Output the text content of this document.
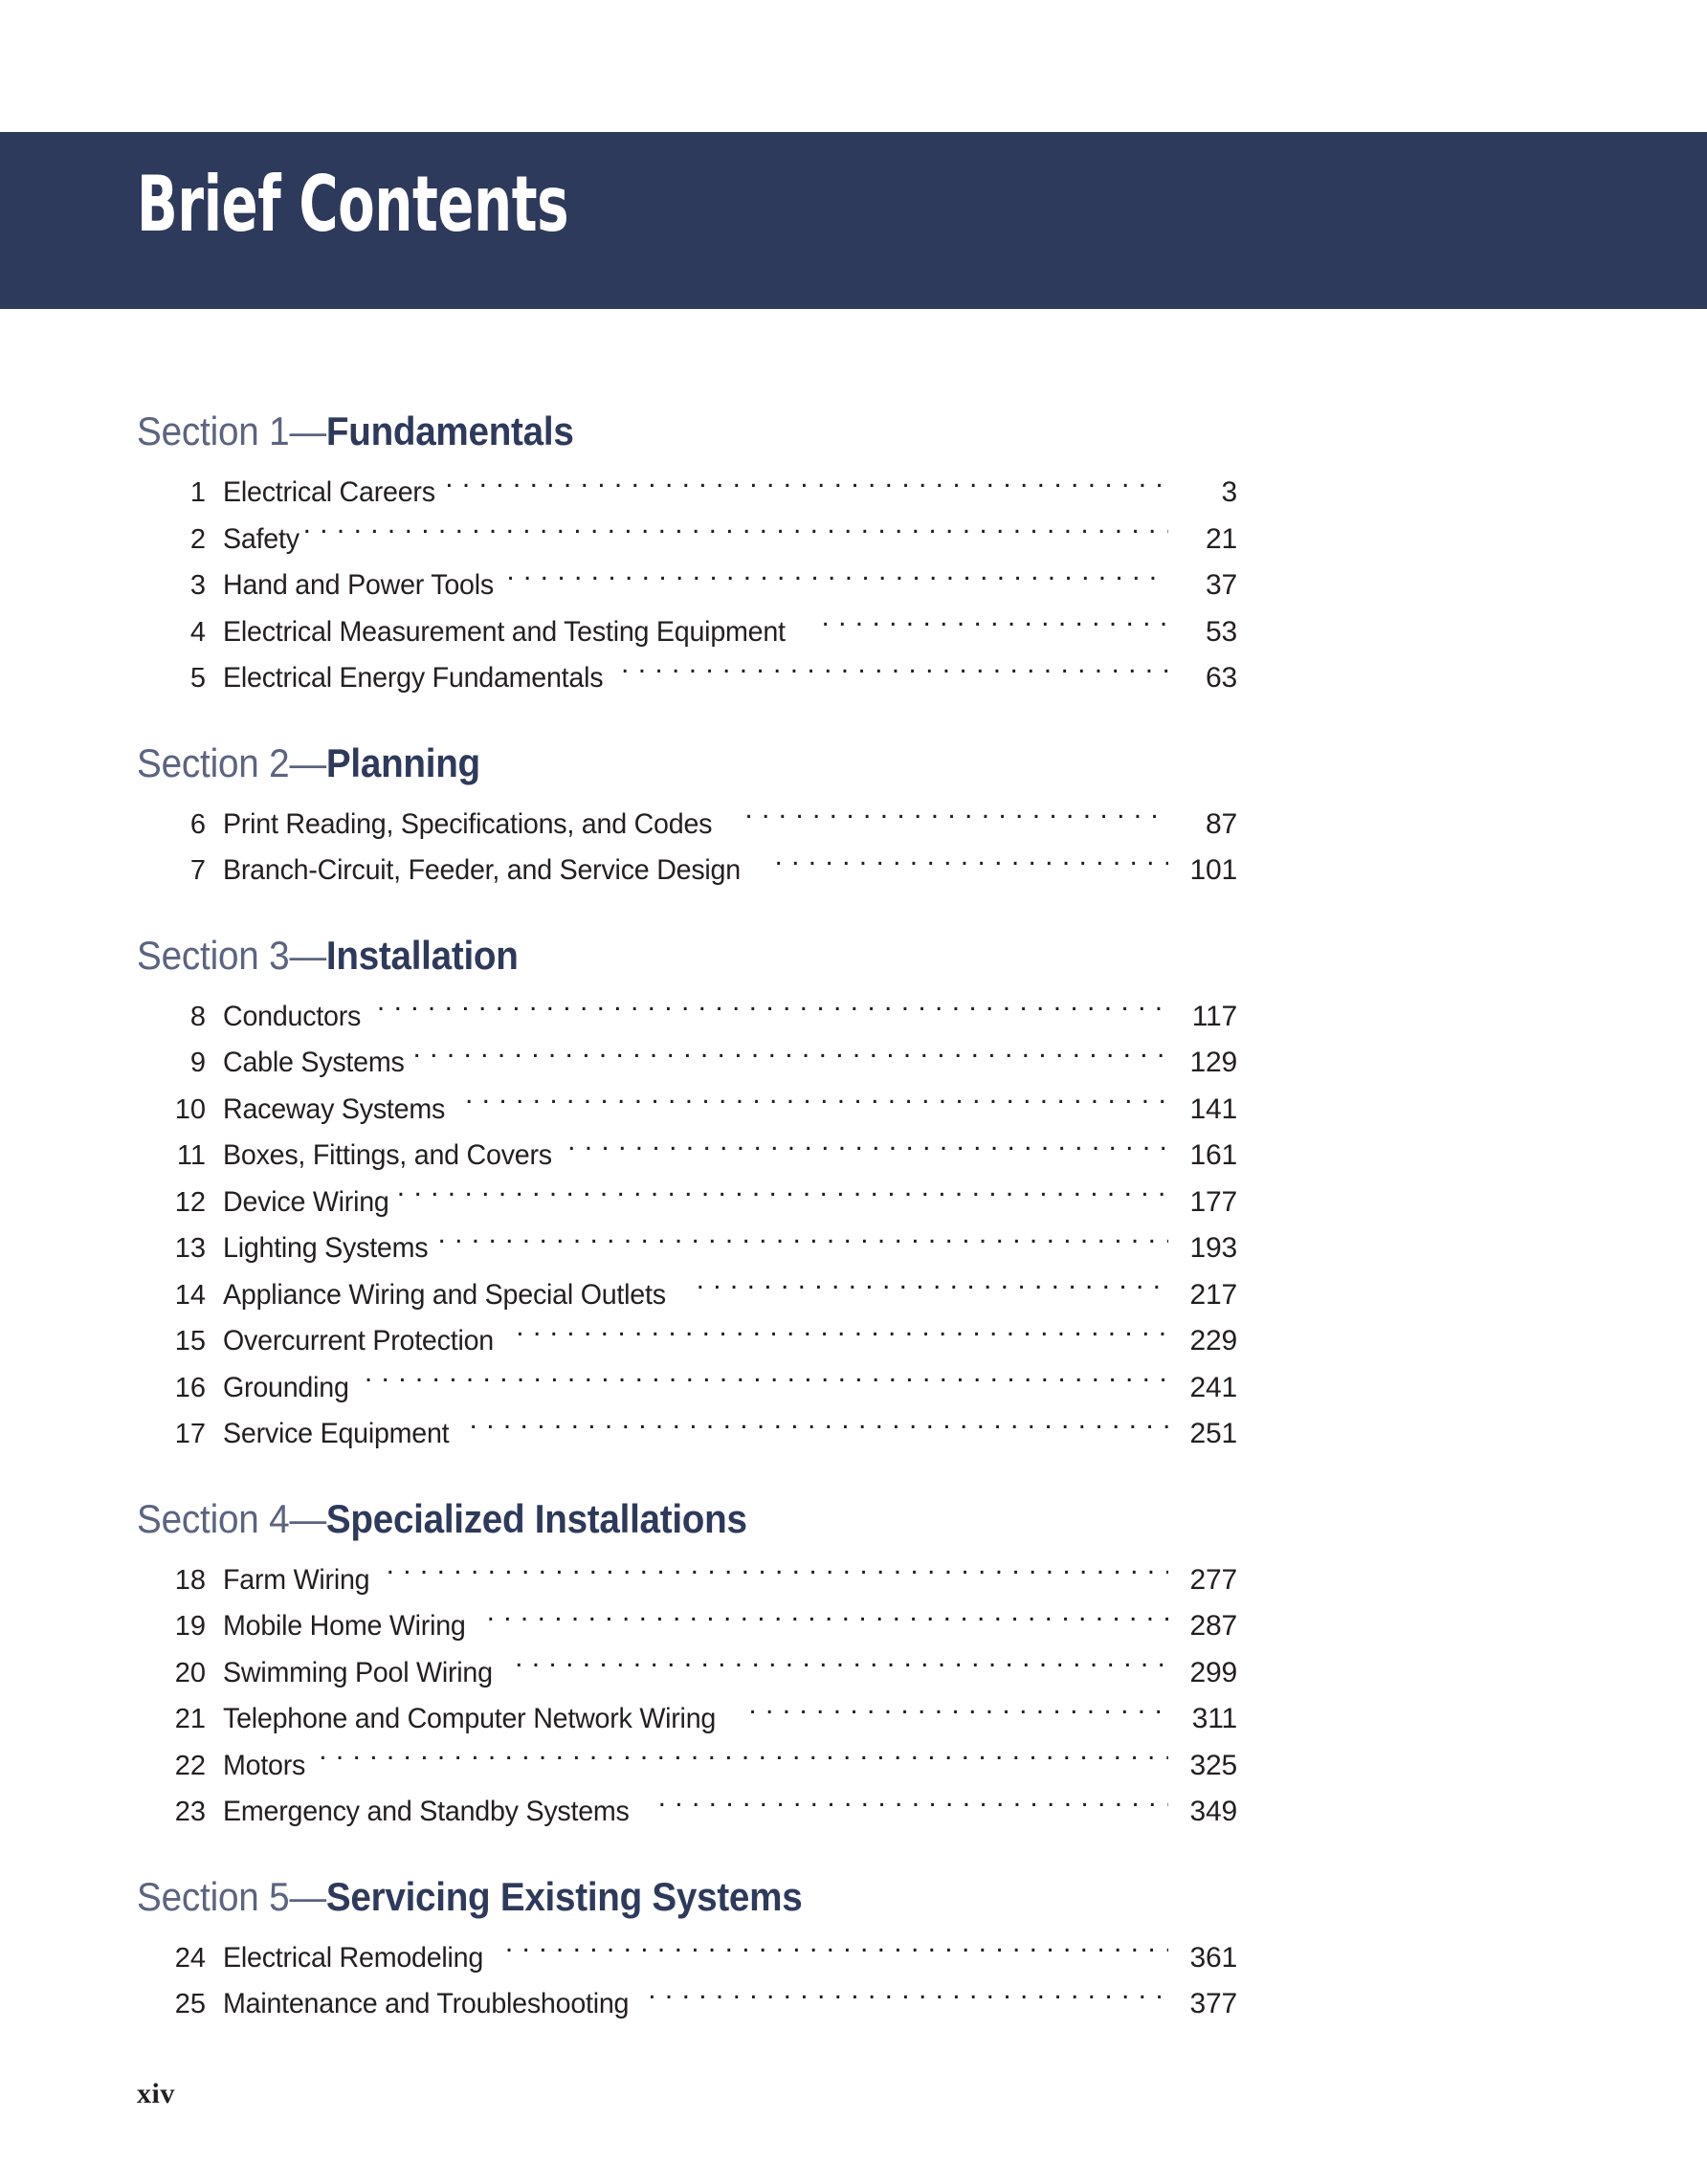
Brief Contents
Section 1—Fundamentals
1 Electrical Careers . . .	3
2 Safety . . .	21
3 Hand and Power Tools . . .	37
4 Electrical Measurement and Testing Equipment . . .	53
5 Electrical Energy Fundamentals . . .	63
Section 2—Planning
6 Print Reading, Specifications, and Codes . . .	87
7 Branch-Circuit, Feeder, and Service Design . . .	101
Section 3—Installation
8 Conductors . . .	117
9 Cable Systems . . .	129
10 Raceway Systems . . .	141
11 Boxes, Fittings, and Covers . . .	161
12 Device Wiring . . .	177
13 Lighting Systems . . .	193
14 Appliance Wiring and Special Outlets . . .	217
15 Overcurrent Protection . . .	229
16 Grounding . . .	241
17 Service Equipment . . .	251
Section 4—Specialized Installations
18 Farm Wiring . . .	277
19 Mobile Home Wiring . . .	287
20 Swimming Pool Wiring . . .	299
21 Telephone and Computer Network Wiring . . .	311
22 Motors . . .	325
23 Emergency and Standby Systems . . .	349
Section 5—Servicing Existing Systems
24 Electrical Remodeling . . .	361
25 Maintenance and Troubleshooting . . .	377
xiv
